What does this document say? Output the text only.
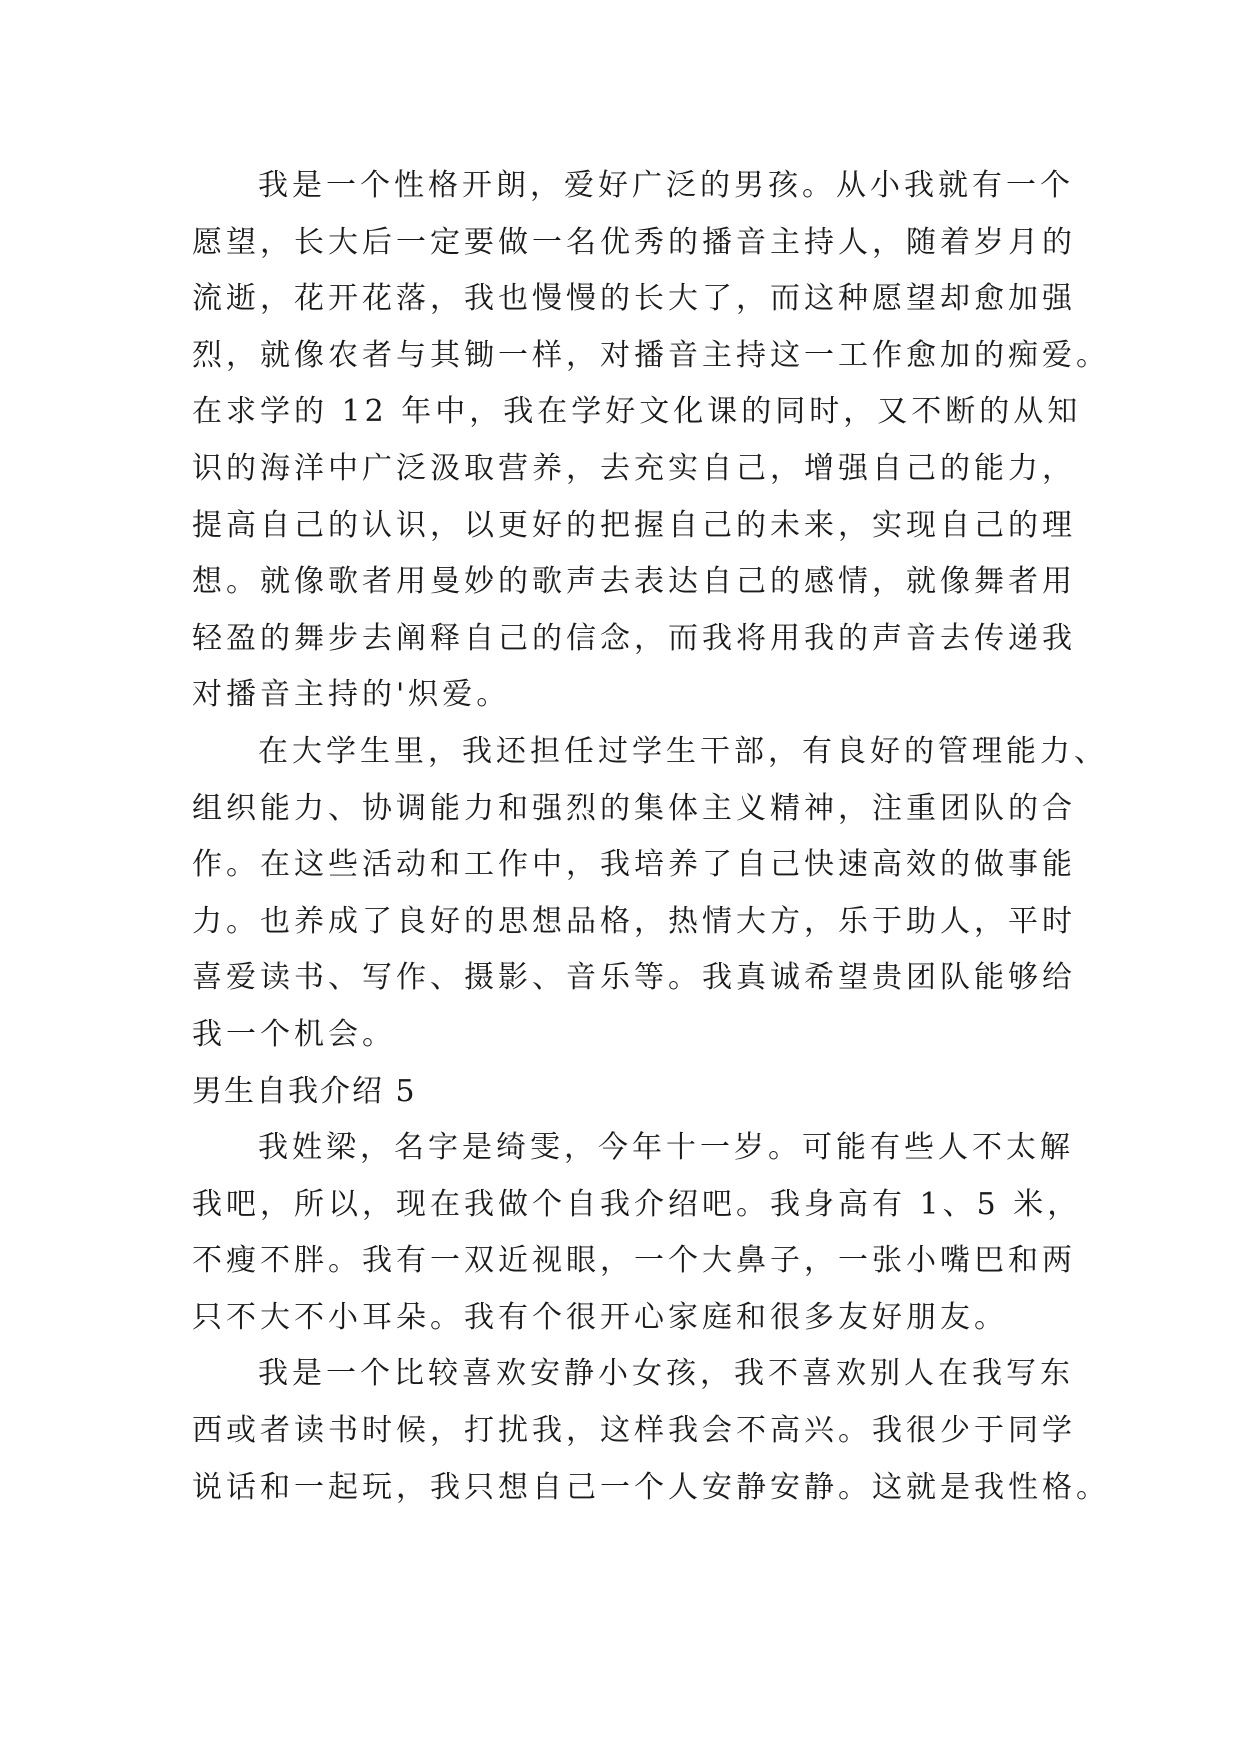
我是一个性格开朗，爱好广泛的男孩。从小我就有一个
愿望，长大后一定要做一名优秀的播音主持人，随着岁月的
流逝，花开花落，我也慢慢的长大了，而这种愿望却愈加强
烈，就像农者与其锄一样，对播音主持这一工作愈加的痴爱。
在求学的 12 年中，我在学好文化课的同时，又不断的从知
识的海洋中广泛汲取营养，去充实自己，增强自己的能力，
提高自己的认识，以更好的把握自己的未来，实现自己的理
想。就像歌者用曼妙的歌声去表达自己的感情，就像舞者用
轻盈的舞步去阐释自己的信念，而我将用我的声音去传递我
对播音主持的'炽爱。

在大学生里，我还担任过学生干部，有良好的管理能力、
组织能力、协调能力和强烈的集体主义精神，注重团队的合
作。在这些活动和工作中，我培养了自己快速高效的做事能
力。也养成了良好的思想品格，热情大方，乐于助人，平时
喜爱读书、写作、摄影、音乐等。我真诚希望贵团队能够给
我一个机会。

男生自我介绍 5

我姓梁，名字是绮雯，今年十一岁。可能有些人不太解
我吧，所以，现在我做个自我介绍吧。我身高有 1、5 米，
不瘦不胖。我有一双近视眼，一个大鼻子，一张小嘴巴和两
只不大不小耳朵。我有个很开心家庭和很多友好朋友。

我是一个比较喜欢安静小女孩，我不喜欢别人在我写东
西或者读书时候，打扰我，这样我会不高兴。我很少于同学
说话和一起玩，我只想自己一个人安静安静。这就是我性格。
